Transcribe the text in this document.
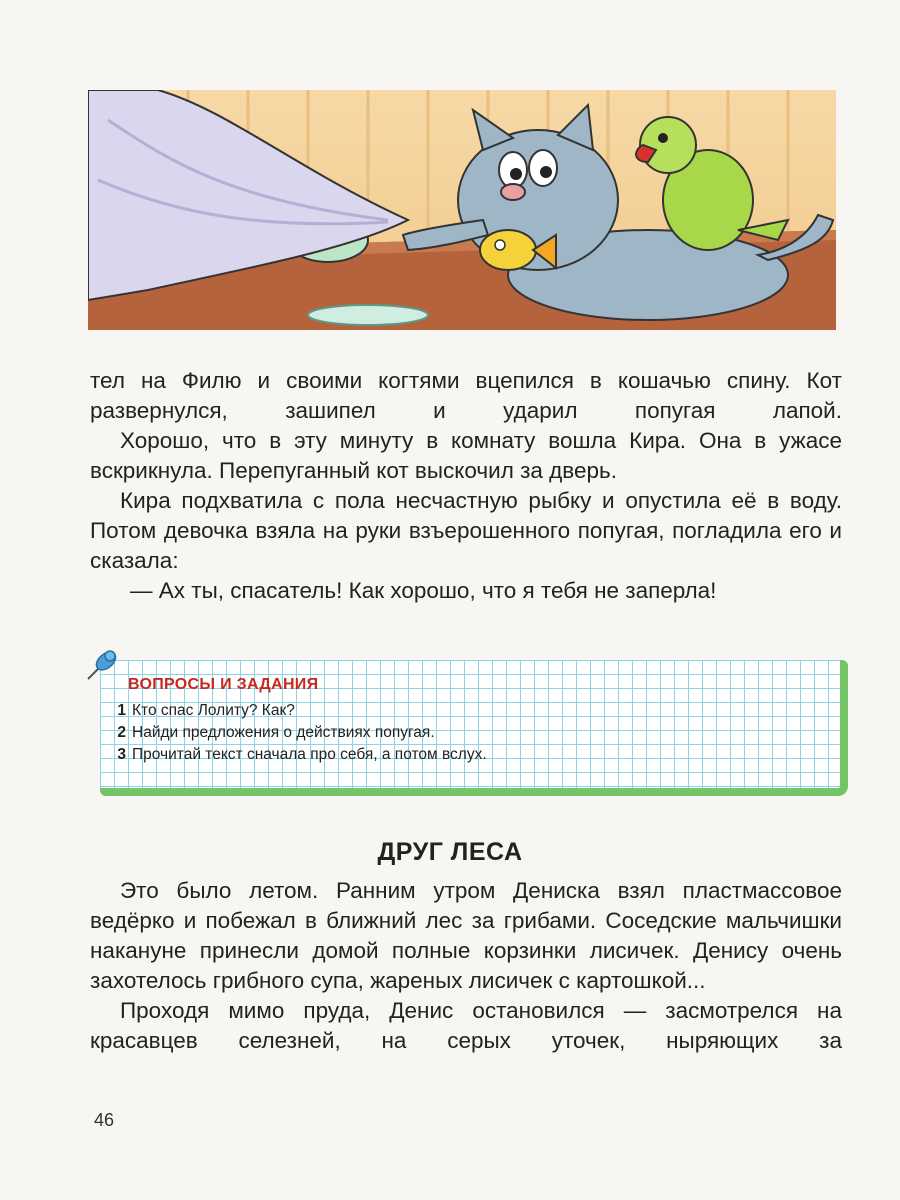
тел на Филю и своими когтями вцепился в кошачью спину. Кот развернулся, зашипел и ударил попугая лапой.

Хорошо, что в эту минуту в комнату вошла Кира. Она в ужасе вскрикнула. Перепуганный кот выскочил за дверь.

Кира подхватила с пола несчастную рыбку и опустила её в воду. Потом девочка взяла на руки взъерошенного попугая, погладила его и сказала:

— Ах ты, спасатель! Как хорошо, что я тебя не заперла!

ВОПРОСЫ И ЗАДАНИЯ
1 Кто спас Лолиту? Как?
2 Найди предложения о действиях попугая.
3 Прочитай текст сначала про себя, а потом вслух.
ДРУГ ЛЕСА

Это было летом. Ранним утром Дениска взял пластмассовое ведёрко и побежал в ближний лес за грибами. Соседские мальчишки накануне принесли домой полные корзинки лисичек. Денису очень захотелось грибного супа, жареных лисичек с картошкой...

Проходя мимо пруда, Денис остановился — засмотрелся на красавцев селезней, на серых уточек, ныряющих за

46
